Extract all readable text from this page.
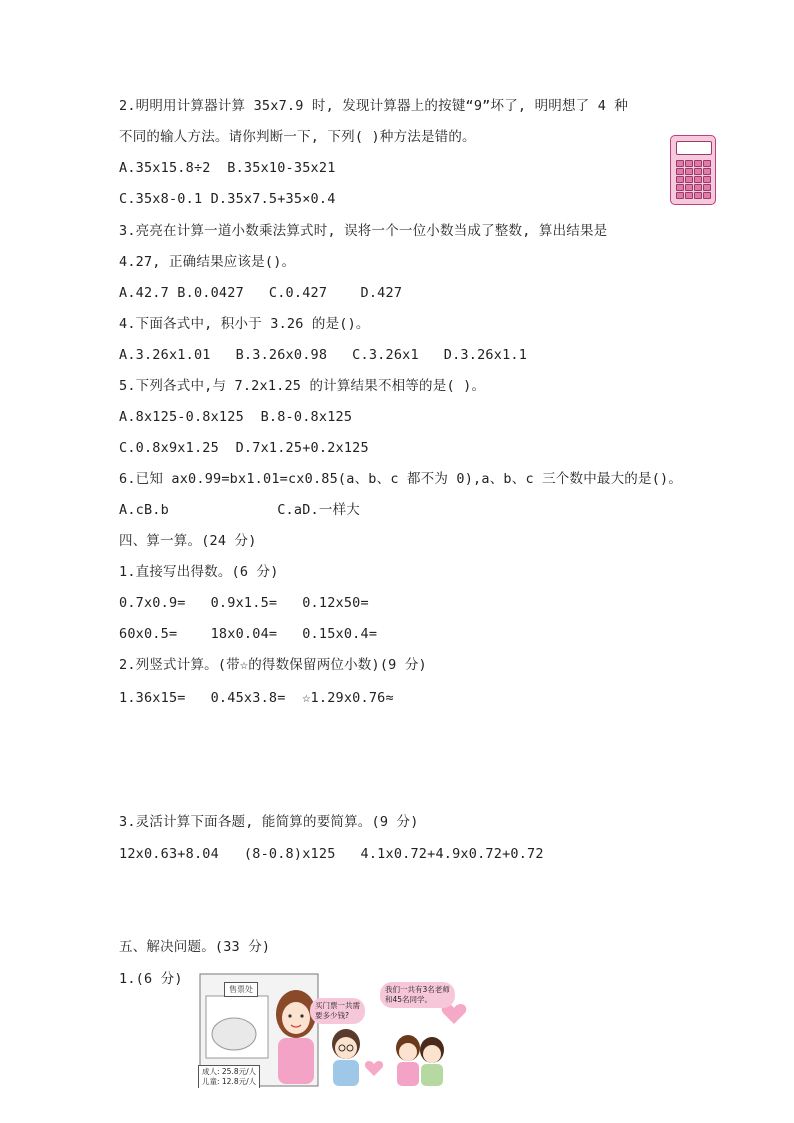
2.明明用计算器计算 35x7.9 时, 发现计算器上的按键“9”坏了, 明明想了 4 种
不同的输人方法。请你判断一下, 下列( )种方法是错的。
A.35x15.8÷2  B.35x10-35x21
C.35x8-0.1 D.35x7.5+35×0.4
3.亮亮在计算一道小数乘法算式时, 误将一个一位小数当成了整数, 算出结果是
4.27, 正确结果应该是()。
A.42.7 B.0.0427   C.0.427    D.427
4.下面各式中, 积小于 3.26 的是()。
A.3.26x1.01   B.3.26x0.98   C.3.26x1   D.3.26x1.1
5.下列各式中,与 7.2x1.25 的计算结果不相等的是( )。
A.8x125-0.8x125  B.8-0.8x125
C.0.8x9x1.25  D.7x1.25+0.2x125
6.已知 ax0.99=bx1.01=cx0.85(a、b、c 都不为 0),a、b、c 三个数中最大的是()。
A.cB.b             C.aD.一样大
四、算一算。(24 分)
1.直接写出得数。(6 分)
0.7x0.9=   0.9x1.5=   0.12x50=
60x0.5=    18x0.04=   0.15x0.4=
2.列竖式计算。(带☆的得数保留两位小数)(9 分)
1.36x15=   0.45x3.8=  ☆1.29x0.76≈
3.灵活计算下面各题, 能简算的要简算。(9 分)
12x0.63+8.04   (8-0.8)x125   4.1x0.72+4.9x0.72+0.72
五、解决问题。(33 分)
1.(6 分)
售票处
买门票一共需
要多少钱?
我们一共有3名老师
和45名同学。
成人: 25.8元/人
儿童: 12.8元/人
